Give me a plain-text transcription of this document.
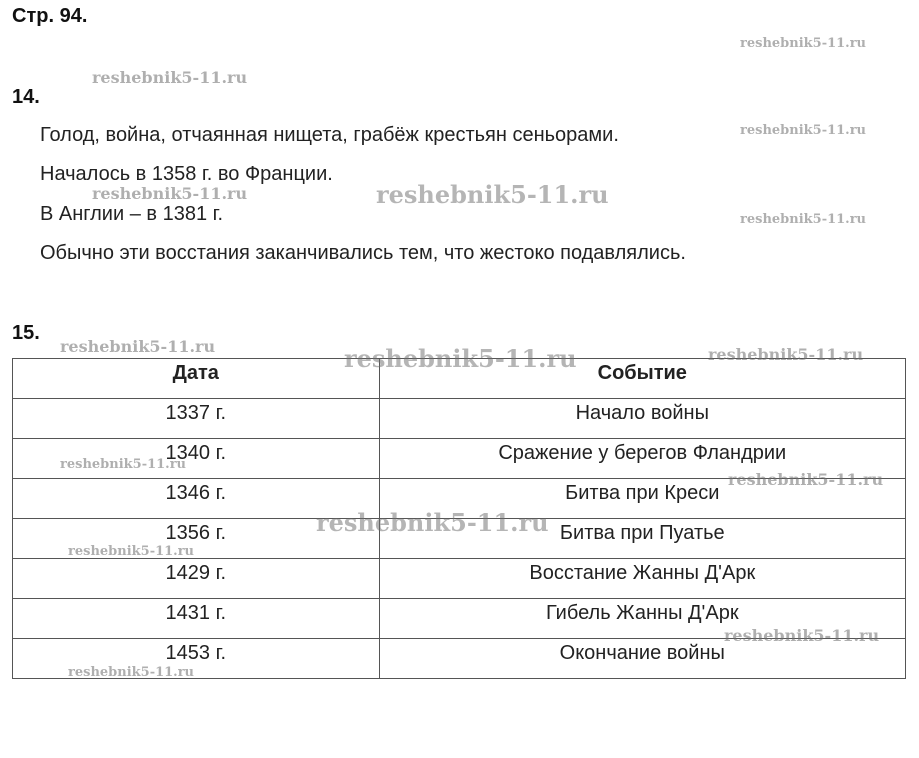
Стр. 94.
14.
Голод, война, отчаянная нищета, грабёж крестьян сеньорами.
Началось в 1358 г. во Франции.
В Англии – в 1381 г.
Обычно эти восстания заканчивались тем, что жестоко подавлялись.
15.
Дата	Событие
1337 г.	Начало войны
1340 г.	Сражение у берегов Фландрии
1346 г.	Битва при Креси
1356 г.	Битва при Пуатье
1429 г.	Восстание Жанны Д'Арк
1431 г.	Гибель Жанны Д'Арк
1453 г.	Окончание войны
reshebnik5-11.ru
reshebnik5-11.ru
reshebnik5-11.ru
reshebnik5-11.ru	reshebnik5-11.ru
reshebnik5-11.ru
reshebnik5-11.ru	reshebnik5-11.ru	reshebnik5-11.ru
reshebnik5-11.ru
reshebnik5-11.ru
reshebnik5-11.ru
reshebnik5-11.ru
reshebnik5-11.ru
reshebnik5-11.ru
